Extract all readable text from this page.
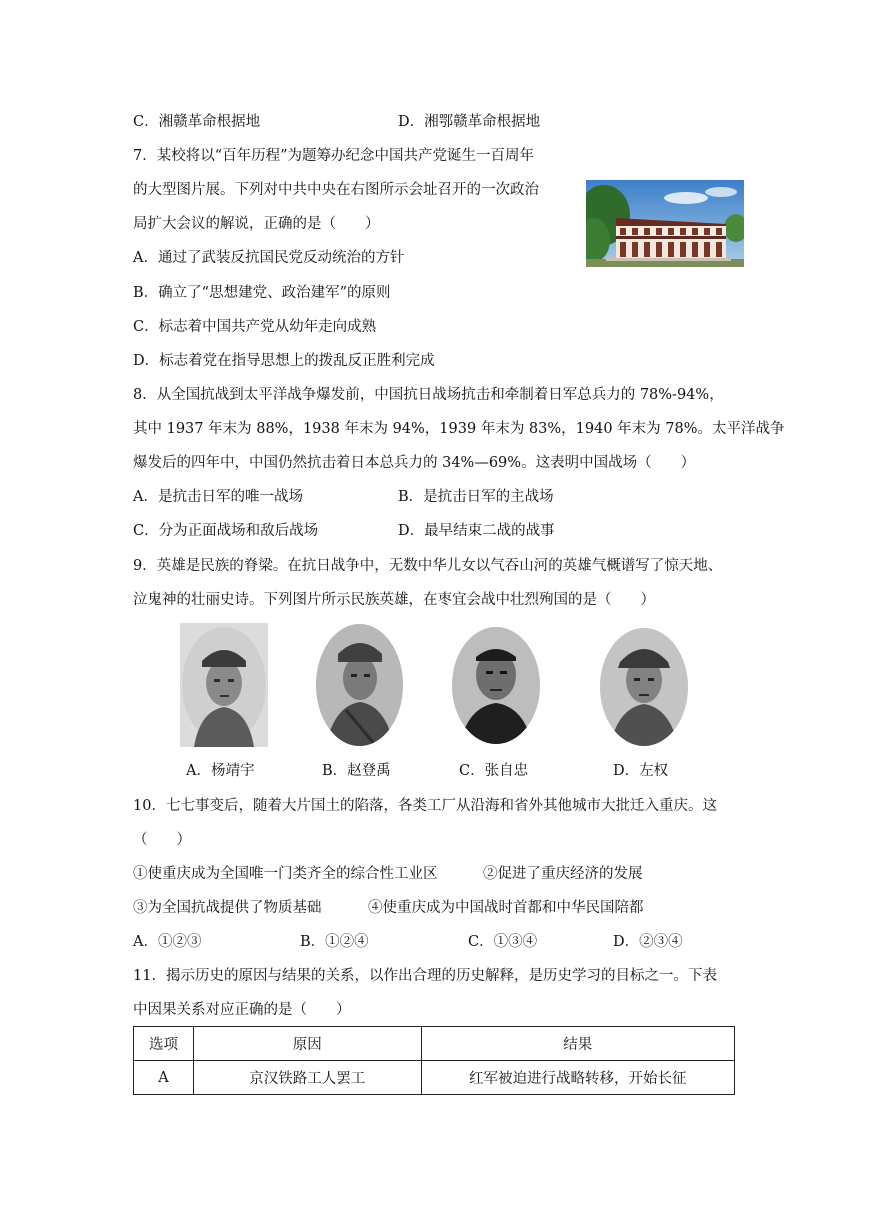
C．湘赣革命根据地	D．湘鄂赣革命根据地
7．某校将以“百年历程”为题筹办纪念中国共产党诞生一百周年
的大型图片展。下列对中共中央在右图所示会址召开的一次政治
局扩大会议的解说，正确的是（　　）
A．通过了武装反抗国民党反动统治的方针
B．确立了“思想建党、政治建军”的原则
C．标志着中国共产党从幼年走向成熟
D．标志着党在指导思想上的拨乱反正胜利完成
8．从全国抗战到太平洋战争爆发前，中国抗日战场抗击和牵制着日军总兵力的 78%-94%，
其中 1937 年末为 88%，1938 年末为 94%，1939 年末为 83%，1940 年末为 78%。太平洋战争
爆发后的四年中，中国仍然抗击着日本总兵力的 34%—69%。这表明中国战场（　　）
A．是抗击日军的唯一战场	B．是抗击日军的主战场
C．分为正面战场和敌后战场	D．最早结束二战的战事
9．英雄是民族的脊梁。在抗日战争中，无数中华儿女以气吞山河的英雄气概谱写了惊天地、
泣鬼神的壮丽史诗。下列图片所示民族英雄，在枣宜会战中壮烈殉国的是（　　）
A．杨靖宇	B．赵登禹	C．张自忠	D．左权
10．七七事变后，随着大片国土的陷落，各类工厂从沿海和省外其他城市大批迁入重庆。这
（　　）
①使重庆成为全国唯一门类齐全的综合性工业区	②促进了重庆经济的发展
③为全国抗战提供了物质基础	④使重庆成为中国战时首都和中华民国陪都
A．①②③	B．①②④	C．①③④	D．②③④
11．揭示历史的原因与结果的关系，以作出合理的历史解释，是历史学习的目标之一。下表
中因果关系对应正确的是（　　）
选项	原因	结果
A	京汉铁路工人罢工	红军被迫进行战略转移，开始长征
